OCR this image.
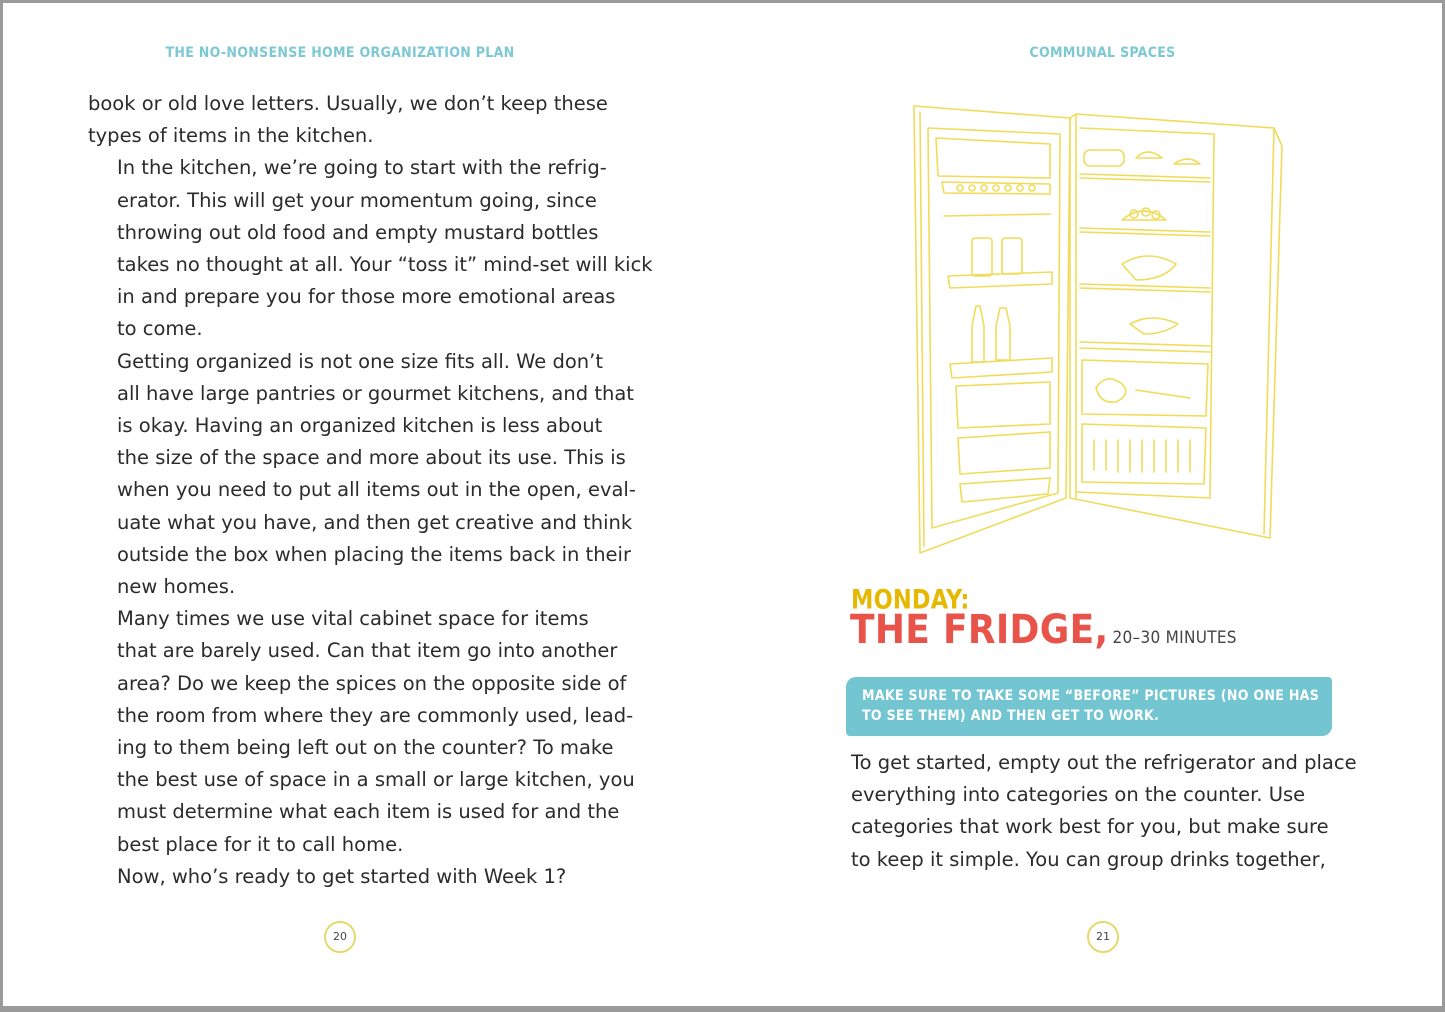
THE NO-NONSENSE HOME ORGANIZATION PLAN

book or old love letters. Usually, we don’t keep these
types of items in the kitchen.

In the kitchen, we’re going to start with the refrig-
erator. This will get your momentum going, since
throwing out old food and empty mustard bottles
takes no thought at all. Your “toss it” mind-set will kick
in and prepare you for those more emotional areas
to come.

Getting organized is not one size fits all. We don’t
all have large pantries or gourmet kitchens, and that
is okay. Having an organized kitchen is less about
the size of the space and more about its use. This is
when you need to put all items out in the open, eval-
uate what you have, and then get creative and think
outside the box when placing the items back in their
new homes.

Many times we use vital cabinet space for items
that are barely used. Can that item go into another
area? Do we keep the spices on the opposite side of
the room from where they are commonly used, lead-
ing to them being left out on the counter? To make
the best use of space in a small or large kitchen, you
must determine what each item is used for and the
best place for it to call home.

Now, who’s ready to get started with Week 1?

20
COMMUNAL SPACES
MONDAY:
THE FRIDGE, 20–30 MINUTES
MAKE SURE TO TAKE SOME “BEFORE” PICTURES (NO ONE HAS
TO SEE THEM) AND THEN GET TO WORK.

To get started, empty out the refrigerator and place
everything into categories on the counter. Use
categories that work best for you, but make sure
to keep it simple. You can group drinks together,

21
